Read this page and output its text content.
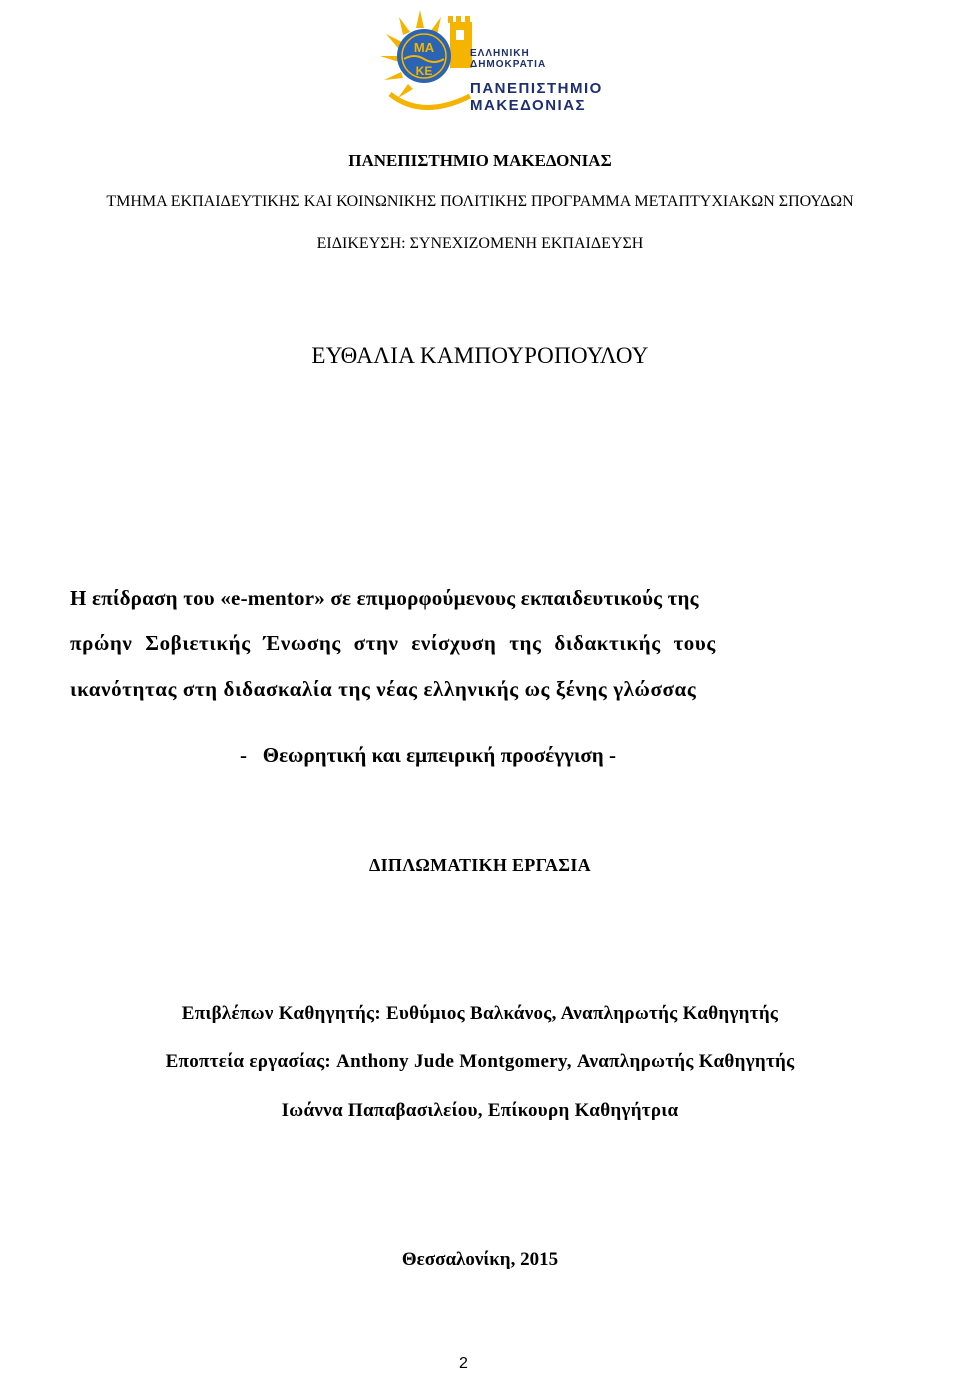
ΜΑ
ΚΕ
ΕΛΛΗΝΙΚΗ
ΔΗΜΟΚΡΑΤΙΑ
ΠΑΝΕΠΙΣΤΗΜΙΟ
ΜΑΚΕΔΟΝΙΑΣ
ΠΑΝΕΠΙΣΤΗΜΙΟ ΜΑΚΕΔΟΝΙΑΣ
ΤΜΗΜΑ ΕΚΠΑΙΔΕΥΤΙΚΗΣ ΚΑΙ ΚΟΙΝΩΝΙΚΗΣ ΠΟΛΙΤΙΚΗΣ ΠΡΟΓΡΑΜΜΑ ΜΕΤΑΠΤΥΧΙΑΚΩΝ ΣΠΟΥΔΩΝ
ΕΙΔΙΚΕΥΣΗ: ΣΥΝΕΧΙΖΟΜΕΝΗ ΕΚΠΑΙΔΕΥΣΗ
ΕΥΘΑΛΙΑ ΚΑΜΠΟΥΡΟΠΟΥΛΟΥ
Η επίδραση του «e-mentor» σε επιμορφούμενους εκπαιδευτικούς της
πρώην Σοβιετικής Ένωσης στην ενίσχυση της διδακτικής τους
ικανότητας στη διδασκαλία της νέας ελληνικής ως ξένης γλώσσας
-   Θεωρητική και εμπειρική προσέγγιση -
ΔΙΠΛΩΜΑΤΙΚΗ ΕΡΓΑΣΙΑ
Επιβλέπων Καθηγητής: Ευθύμιος Βαλκάνος, Αναπληρωτής Καθηγητής
Εποπτεία εργασίας: Anthony Jude Montgomery, Αναπληρωτής Καθηγητής
Ιωάννα Παπαβασιλείου, Επίκουρη Καθηγήτρια
Θεσσαλονίκη, 2015
2
